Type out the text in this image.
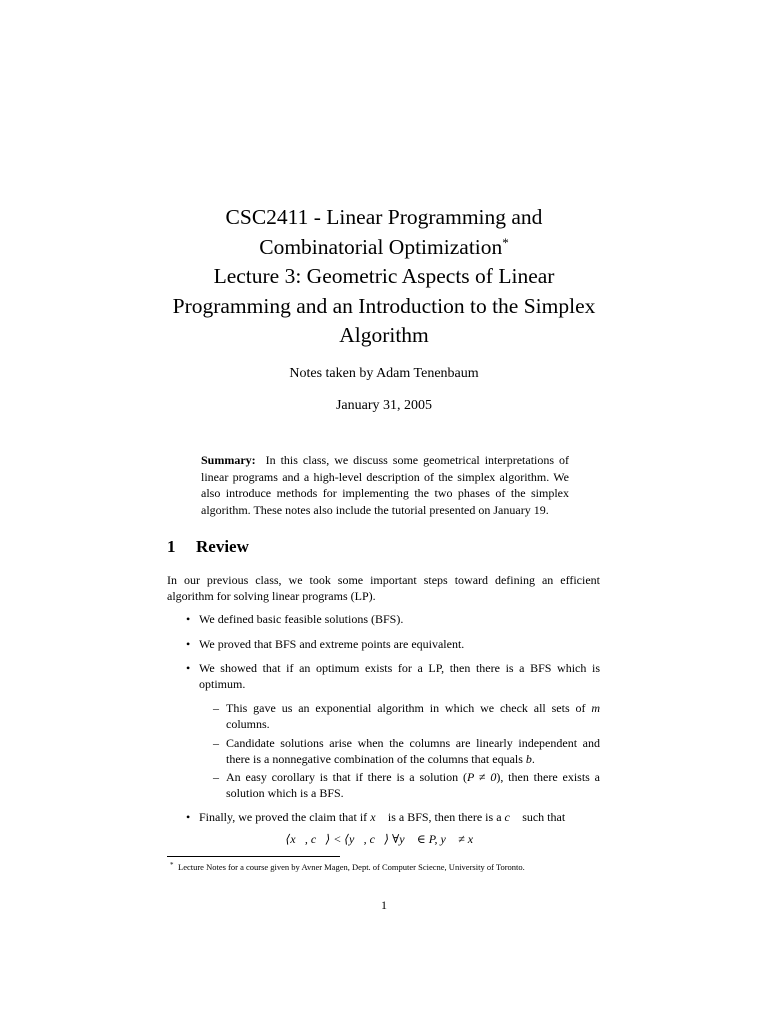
CSC2411 - Linear Programming and
Combinatorial Optimization*
Lecture 3: Geometric Aspects of Linear
Programming and an Introduction to the Simplex
Algorithm
Notes taken by Adam Tenenbaum
January 31, 2005
Summary: In this class, we discuss some geometrical interpretations of linear programs and a high-level description of the simplex algorithm. We also introduce methods for implementing the two phases of the simplex algorithm. These notes also include the tutorial presented on January 19.
1 Review
In our previous class, we took some important steps toward defining an efficient algorithm for solving linear programs (LP).
• We defined basic feasible solutions (BFS).
• We proved that BFS and extreme points are equivalent.
• We showed that if an optimum exists for a LP, then there is a BFS which is optimum.
– This gave us an exponential algorithm in which we check all sets of m columns.
– Candidate solutions arise when the columns are linearly independent and there is a nonnegative combination of the columns that equals b.
– An easy corollary is that if there is a solution (P ≠ 0), then there exists a solution which is a BFS.
• Finally, we proved the claim that if x⃗ is a BFS, then there is a c⃗ such that
⟨x⃗, c⃗⟩ < ⟨y⃗, c⃗⟩ ∀y⃗ ∈ P, y⃗ ≠ x⃗
* Lecture Notes for a course given by Avner Magen, Dept. of Computer Sciecne, University of Toronto.
1
